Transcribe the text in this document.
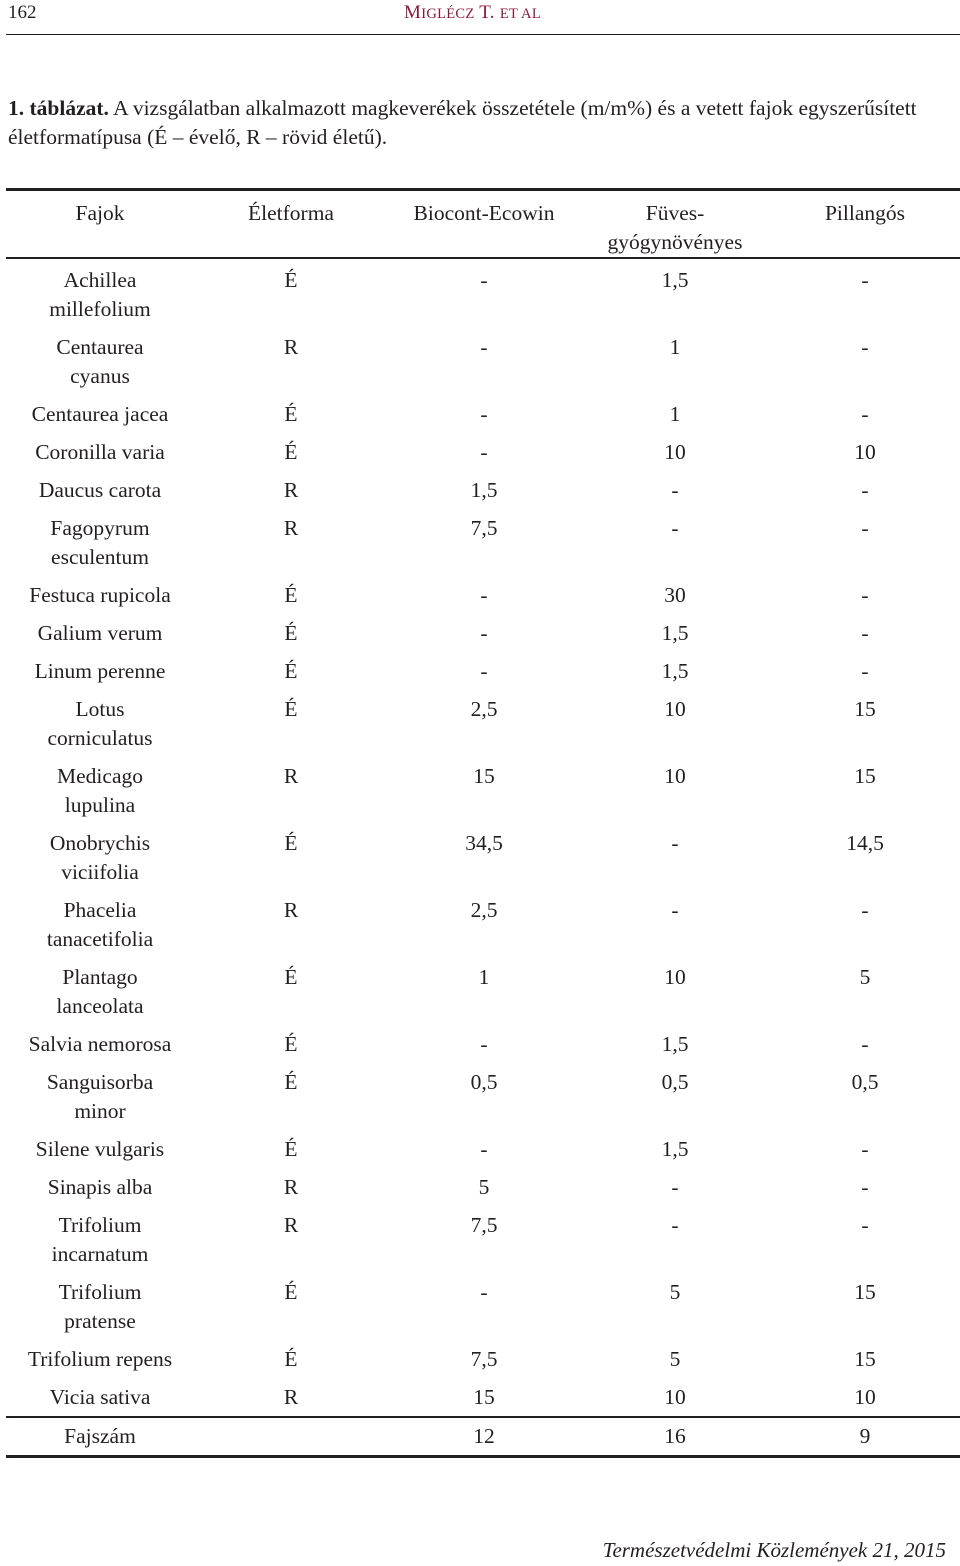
162	MIGLÉCZ T. ET AL

1. táblázat. A vizsgálatban alkalmazott magkeverékek összetétele (m/m%) és a vetett fajok egyszerűsített életformatípusa (É – évelő, R – rövid életű).

Fajok	Életforma	Biocont-Ecowin	Füves-
gyógynövényes	Pillangós
Achillea
millefolium	É	-	1,5	-
Centaurea
cyanus	R	-	1	-
Centaurea jacea	É	-	1	-
Coronilla varia	É	-	10	10
Daucus carota	R	1,5	-	-
Fagopyrum
esculentum	R	7,5	-	-
Festuca rupicola	É	-	30	-
Galium verum	É	-	1,5	-
Linum perenne	É	-	1,5	-
Lotus
corniculatus	É	2,5	10	15
Medicago
lupulina	R	15	10	15
Onobrychis
viciifolia	É	34,5	-	14,5
Phacelia
tanacetifolia	R	2,5	-	-
Plantago
lanceolata	É	1	10	5
Salvia nemorosa	É	-	1,5	-
Sanguisorba
minor	É	0,5	0,5	0,5
Silene vulgaris	É	-	1,5	-
Sinapis alba	R	5	-	-
Trifolium
incarnatum	R	7,5	-	-
Trifolium
pratense	É	-	5	15
Trifolium repens	É	7,5	5	15
Vicia sativa	R	15	10	10
Fajszám		12	16	9
Természetvédelmi Közlemények 21, 2015
